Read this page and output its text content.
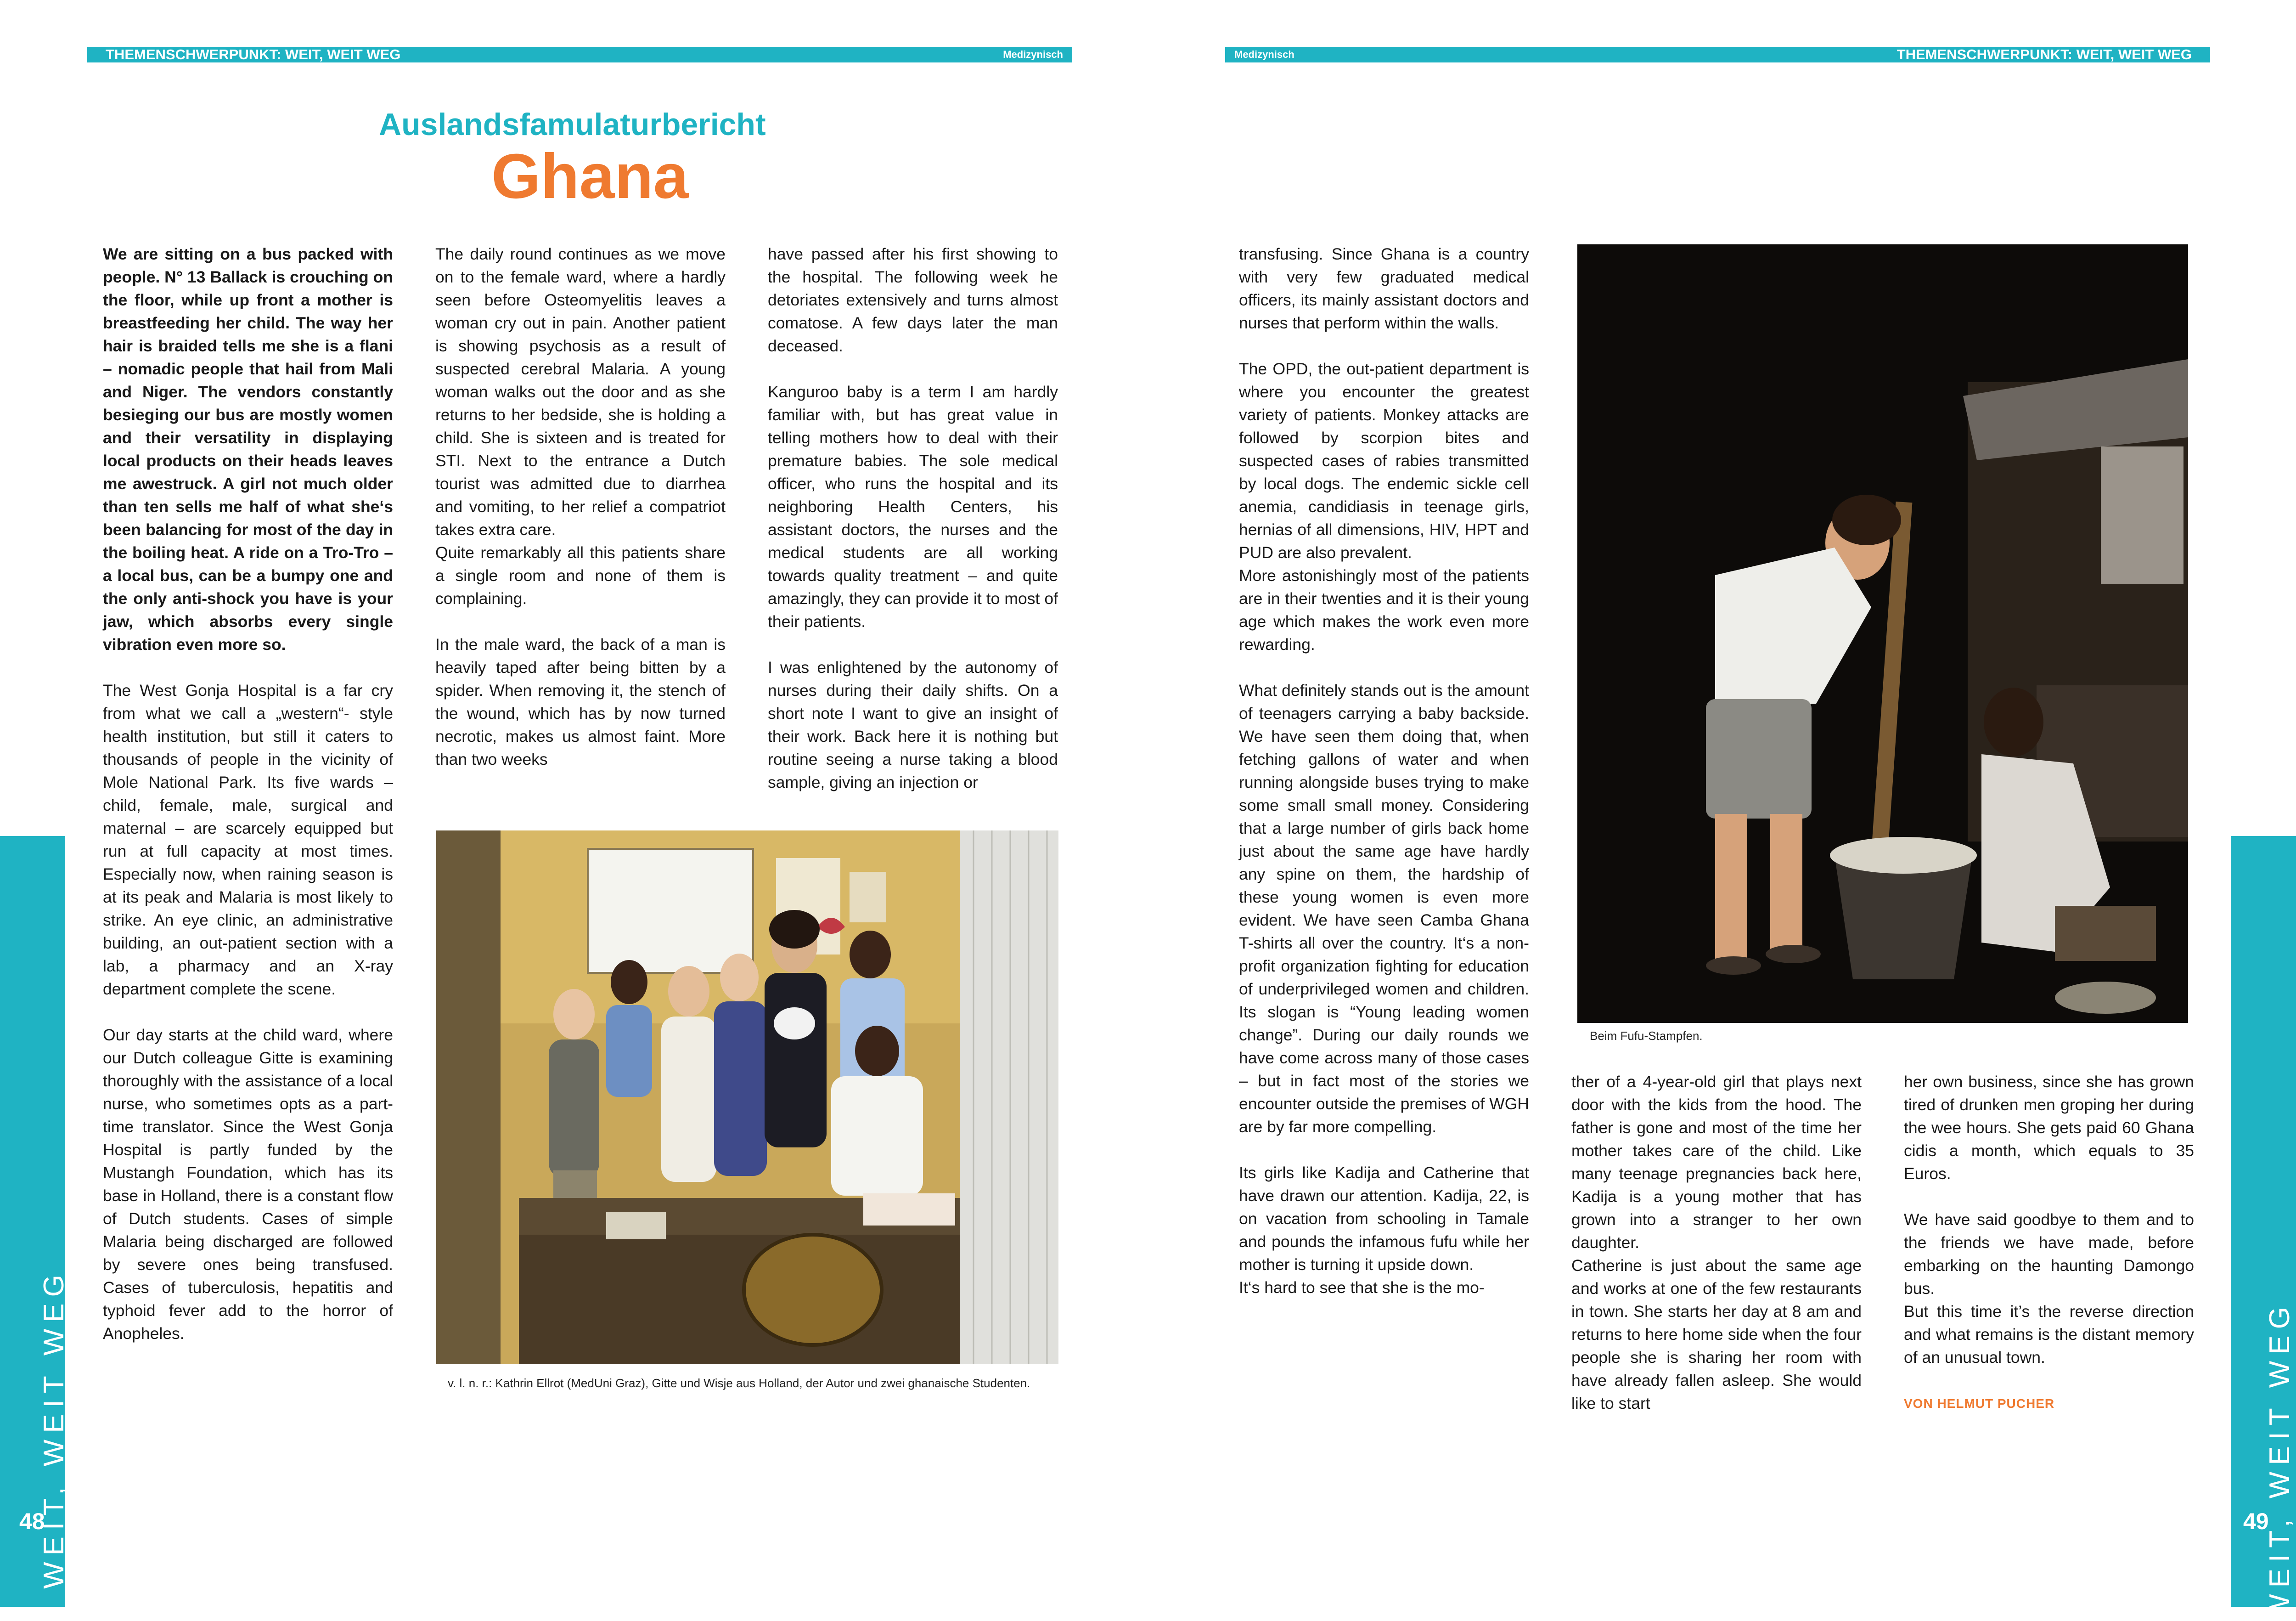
THEMENSCHWERPUNKT: WEIT, WEIT WEG	Medizynisch
Auslandsfamulaturbericht
Ghana

We are sitting on a bus packed with people. N° 13 Ballack is crouching on the floor, while up front a mother is breastfeeding her child. The way her hair is braided tells me she is a flani – nomadic people that hail from Mali and Niger. The vendors constantly besieging our bus are mostly women and their versatility in displaying local products on their heads leaves me awestruck. A girl not much older than ten sells me half of what she‘s been balancing for most of the day in the boiling heat. A ride on a Tro-Tro – a local bus, can be a bumpy one and the only anti-shock you have is your jaw, which absorbs every single vibration even more so.

The West Gonja Hospital is a far cry from what we call a „western“- style health institution, but still it caters to thousands of people in the vicinity of Mole National Park. Its five wards – child, female, male, surgical and maternal – are scarcely equipped but run at full capacity at most times. Especially now, when raining season is at its peak and Malaria is most likely to strike. An eye clinic, an administrative building, an out-patient section with a lab, a pharmacy and an X-ray department complete the scene.

Our day starts at the child ward, where our Dutch colleague Gitte is examining thoroughly with the assistance of a local nurse, who sometimes opts as a part-time translator. Since the West Gonja Hospital is partly funded by the Mustangh Foundation, which has its base in Holland, there is a constant flow of Dutch students. Cases of simple Malaria being discharged are followed by severe ones being transfused. Cases of tuberculosis, hepatitis and typhoid fever add to the horror of Anopheles.

The daily round continues as we move on to the female ward, where a hardly seen before Osteomyelitis leaves a woman cry out in pain. Another patient is showing psychosis as a result of suspected cerebral Malaria. A young woman walks out the door and as she returns to her bedside, she is holding a child. She is sixteen and is treated for STI. Next to the entrance a Dutch tourist was admitted due to diarrhea and vomiting, to her relief a compatriot takes extra care.

Quite remarkably all this patients share a single room and none of them is complaining.

In the male ward, the back of a man is heavily taped after being bitten by a spider. When removing it, the stench of the wound, which has by now turned necrotic, makes us almost faint. More than two weeks

have passed after his first showing to the hospital. The following week he detoriates extensively and turns almost comatose. A few days later the man deceased.

Kanguroo baby is a term I am hardly familiar with, but has great value in telling mothers how to deal with their premature babies. The sole medical officer, who runs the hospital and its neighboring Health Centers, his assistant doctors, the nurses and the medical students are all working towards quality treatment – and quite amazingly, they can provide it to most of their patients.

I was enlightened by the autonomy of nurses during their daily shifts. On a short note I want to give an insight of their work. Back here it is nothing but routine seeing a nurse taking a blood sample, giving an injection or

v. l. n. r.: Kathrin Ellrot (MedUni Graz), Gitte und Wisje aus Holland, der Autor und zwei ghanaische Studenten.
WEIT, WEIT WEG
48
Medizynisch	THEMENSCHWERPUNKT: WEIT, WEIT WEG

transfusing. Since Ghana is a country with very few graduated medical officers, its mainly assistant doctors and nurses that perform within the walls.

The OPD, the out-patient department is where you encounter the greatest variety of patients. Monkey attacks are followed by scorpion bites and suspected cases of rabies transmitted by local dogs. The endemic sickle cell anemia, candidiasis in teenage girls, hernias of all dimensions, HIV, HPT and PUD are also prevalent.

More astonishingly most of the patients are in their twenties and it is their young age which makes the work even more rewarding.

What definitely stands out is the amount of teenagers carrying a baby backside. We have seen them doing that, when fetching gallons of water and when running alongside buses trying to make some small small money. Considering that a large number of girls back home just about the same age have hardly any spine on them, the hardship of these young women is even more evident. We have seen Camba Ghana T-shirts all over the country. It‘s a non-profit organization fighting for education of underprivileged women and children. Its slogan is “Young leading women change”. During our daily rounds we have come across many of those cases – but in fact most of the stories we encounter outside the premises of WGH are by far more compelling.

Its girls like Kadija and Catherine that have drawn our attention. Kadija, 22, is on vacation from schooling in Tamale and pounds the infamous fufu while her mother is turning it upside down.

It‘s hard to see that she is the mo-

Beim Fufu-Stampfen.

ther of a 4-year-old girl that plays next door with the kids from the hood. The father is gone and most of the time her mother takes care of the child. Like many teenage pregnancies back here, Kadija is a young mother that has grown into a stranger to her own daughter.

Catherine is just about the same age and works at one of the few restaurants in town. She starts her day at 8 am and returns to here home side when the four people she is sharing her room with have already fallen asleep. She would like to start

her own business, since she has grown tired of drunken men groping her during the wee hours. She gets paid 60 Ghana cidis a month, which equals to 35 Euros.

We have said goodbye to them and to the friends we have made, before embarking on the haunting Damongo bus.

But this time it’s the reverse direction and what remains is the distant memory of an unusual town.

VON HELMUT PUCHER	WEIT, WEIT WEG
49
